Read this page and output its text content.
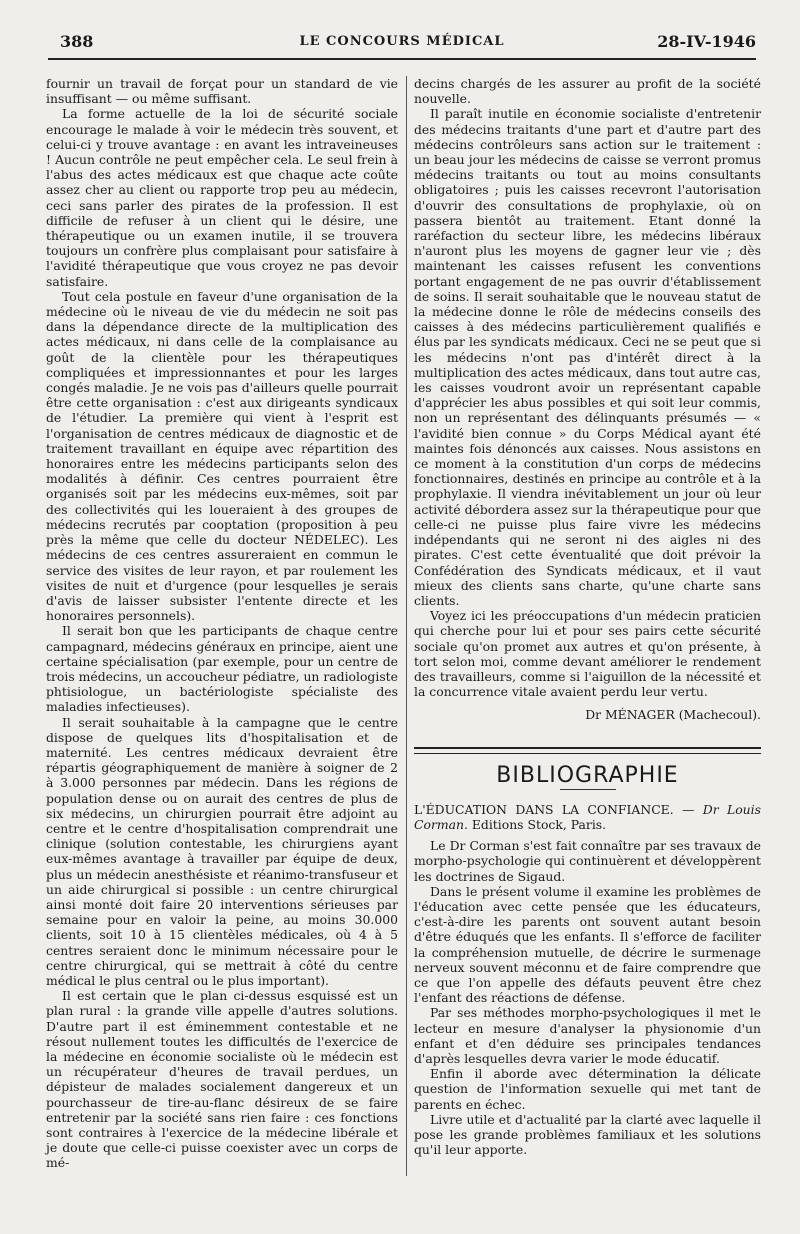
388	LE CONCOURS MÉDICAL	28-IV-1946

fournir un travail de forçat pour un standard de vie insuffisant — ou même suffisant.

La forme actuelle de la loi de sécurité sociale encourage le malade à voir le médecin très souvent, et celui-ci y trouve avantage : en avant les intraveineuses ! Aucun contrôle ne peut empêcher cela. Le seul frein à l'abus des actes médicaux est que chaque acte coûte assez cher au client ou rapporte trop peu au médecin, ceci sans parler des pirates de la profession. Il est difficile de refuser à un client qui le désire, une thérapeutique ou un examen inutile, il se trouvera toujours un confrère plus complaisant pour satisfaire à l'avidité thérapeutique que vous croyez ne pas devoir satisfaire.

Tout cela postule en faveur d'une organisation de la médecine où le niveau de vie du médecin ne soit pas dans la dépendance directe de la multiplication des actes médicaux, ni dans celle de la complaisance au goût de la clientèle pour les thérapeutiques compliquées et impressionnantes et pour les larges congés maladie. Je ne vois pas d'ailleurs quelle pourrait être cette organisation : c'est aux dirigeants syndicaux de l'étudier. La première qui vient à l'esprit est l'organisation de centres médicaux de diagnostic et de traitement travaillant en équipe avec répartition des honoraires entre les médecins participants selon des modalités à définir. Ces centres pourraient être organisés soit par les médecins eux-mêmes, soit par des collectivités qui les loueraient à des groupes de médecins recrutés par cooptation (proposition à peu près la même que celle du docteur NÉDELEC). Les médecins de ces centres assureraient en commun le service des visites de leur rayon, et par roulement les visites de nuit et d'urgence (pour lesquelles je serais d'avis de laisser subsister l'entente directe et les honoraires personnels).

Il serait bon que les participants de chaque centre campagnard, médecins généraux en principe, aient une certaine spécialisation (par exemple, pour un centre de trois médecins, un accoucheur pédiatre, un radiologiste phtisiologue, un bactériologiste spécialiste des maladies infectieuses).

Il serait souhaitable à la campagne que le centre dispose de quelques lits d'hospitalisation et de maternité. Les centres médicaux devraient être répartis géographiquement de manière à soigner de 2 à 3.000 personnes par médecin. Dans les régions de population dense ou on aurait des centres de plus de six médecins, un chirurgien pourrait être adjoint au centre et le centre d'hospitalisation comprendrait une clinique (solution contestable, les chirurgiens ayant eux-mêmes avantage à travailler par équipe de deux, plus un médecin anesthésiste et réanimo-transfuseur et un aide chirurgical si possible : un centre chirurgical ainsi monté doit faire 20 interventions sérieuses par semaine pour en valoir la peine, au moins 30.000 clients, soit 10 à 15 clientèles médicales, où 4 à 5 centres seraient donc le minimum nécessaire pour le centre chirurgical, qui se mettrait à côté du centre médical le plus central ou le plus important).

Il est certain que le plan ci-dessus esquissé est un plan rural : la grande ville appelle d'autres solutions. D'autre part il est éminemment contestable et ne résout nullement toutes les difficultés de l'exercice de la médecine en économie socialiste où le médecin est un récupérateur d'heures de travail perdues, un dépisteur de malades socialement dangereux et un pourchasseur de tire-au-flanc désireux de se faire entretenir par la société sans rien faire : ces fonctions sont contraires à l'exercice de la médecine libérale et je doute que celle-ci puisse coexister avec un corps de mé-

decins chargés de les assurer au profit de la société nouvelle.

Il paraît inutile en économie socialiste d'entretenir des médecins traitants d'une part et d'autre part des médecins contrôleurs sans action sur le traitement : un beau jour les médecins de caisse se verront promus médecins traitants ou tout au moins consultants obligatoires ; puis les caisses recevront l'autorisation d'ouvrir des consultations de prophylaxie, où on passera bientôt au traitement. Etant donné la raréfaction du secteur libre, les médecins libéraux n'auront plus les moyens de gagner leur vie ; dès maintenant les caisses refusent les conventions portant engagement de ne pas ouvrir d'établissement de soins. Il serait souhaitable que le nouveau statut de la médecine donne le rôle de médecins conseils des caisses à des médecins particulièrement qualifiés e élus par les syndicats médicaux. Ceci ne se peut que si les médecins n'ont pas d'intérêt direct à la multiplication des actes médicaux, dans tout autre cas, les caisses voudront avoir un représentant capable d'apprécier les abus possibles et qui soit leur commis, non un représentant des délinquants présumés — « l'avidité bien connue » du Corps Médical ayant été maintes fois dénoncés aux caisses. Nous assistons en ce moment à la constitution d'un corps de médecins fonctionnaires, destinés en principe au contrôle et à la prophylaxie. Il viendra inévitablement un jour où leur activité débordera assez sur la thérapeutique pour que celle-ci ne puisse plus faire vivre les médecins indépendants qui ne seront ni des aigles ni des pirates. C'est cette éventualité que doit prévoir la Confédération des Syndicats médicaux, et il vaut mieux des clients sans charte, qu'une charte sans clients.

Voyez ici les préoccupations d'un médecin praticien qui cherche pour lui et pour ses pairs cette sécurité sociale qu'on promet aux autres et qu'on présente, à tort selon moi, comme devant améliorer le rendement des travailleurs, comme si l'aiguillon de la nécessité et la concurrence vitale avaient perdu leur vertu.

Dr MÉNAGER (Machecoul).

BIBLIOGRAPHIE

L'ÉDUCATION DANS LA CONFIANCE. — Dr Louis Corman. Editions Stock, Paris.

Le Dr Corman s'est fait connaître par ses travaux de morpho-psychologie qui continuèrent et développèrent les doctrines de Sigaud.

Dans le présent volume il examine les problèmes de l'éducation avec cette pensée que les éducateurs, c'est-à-dire les parents ont souvent autant besoin d'être éduqués que les enfants. Il s'efforce de faciliter la compréhension mutuelle, de décrire le surmenage nerveux souvent méconnu et de faire comprendre que ce que l'on appelle des défauts peuvent être chez l'enfant des réactions de défense.

Par ses méthodes morpho-psychologiques il met le lecteur en mesure d'analyser la physionomie d'un enfant et d'en déduire ses principales tendances d'après lesquelles devra varier le mode éducatif.

Enfin il aborde avec détermination la délicate question de l'information sexuelle qui met tant de parents en échec.

Livre utile et d'actualité par la clarté avec laquelle il pose les grande problèmes familiaux et les solutions qu'il leur apporte.
